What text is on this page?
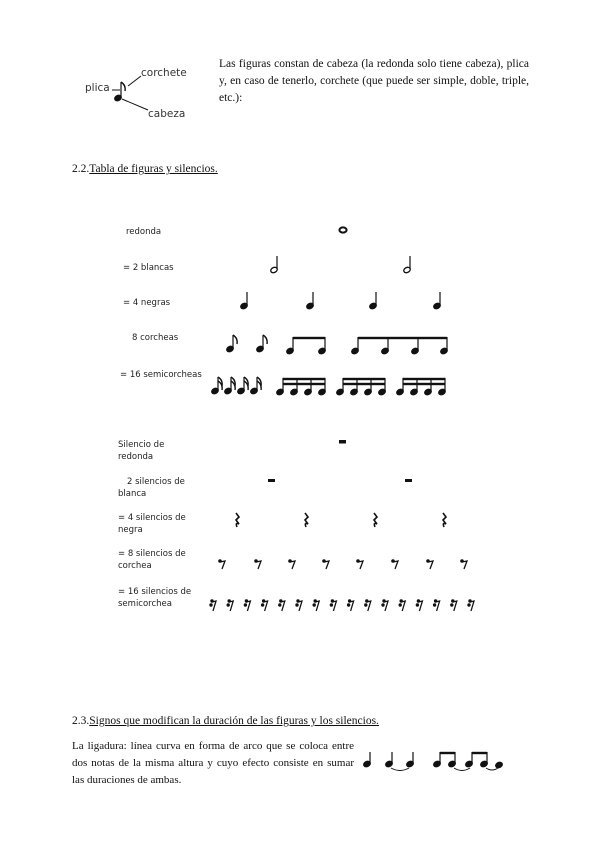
plica
corchete
cabeza
Las figuras constan de cabeza (la redonda solo tiene cabeza), plica y, en caso de tenerlo, corchete (que puede ser simple, doble, triple, etc.):
2.2.Tabla de figuras y silencios.
redonda
= 2 blancas
= 4 negras
8 corcheas
= 16 semicorcheas
Silencio de redonda
2 silencios de blanca
= 4 silencios de negra
= 8 silencios de corchea
= 16 silencios de semicorchea
2.3.Signos que modifican la duración de las figuras y los silencios.
La ligadura: línea curva en forma de arco que se coloca entre dos notas de la misma altura y cuyo efecto consiste en sumar las duraciones de ambas.
